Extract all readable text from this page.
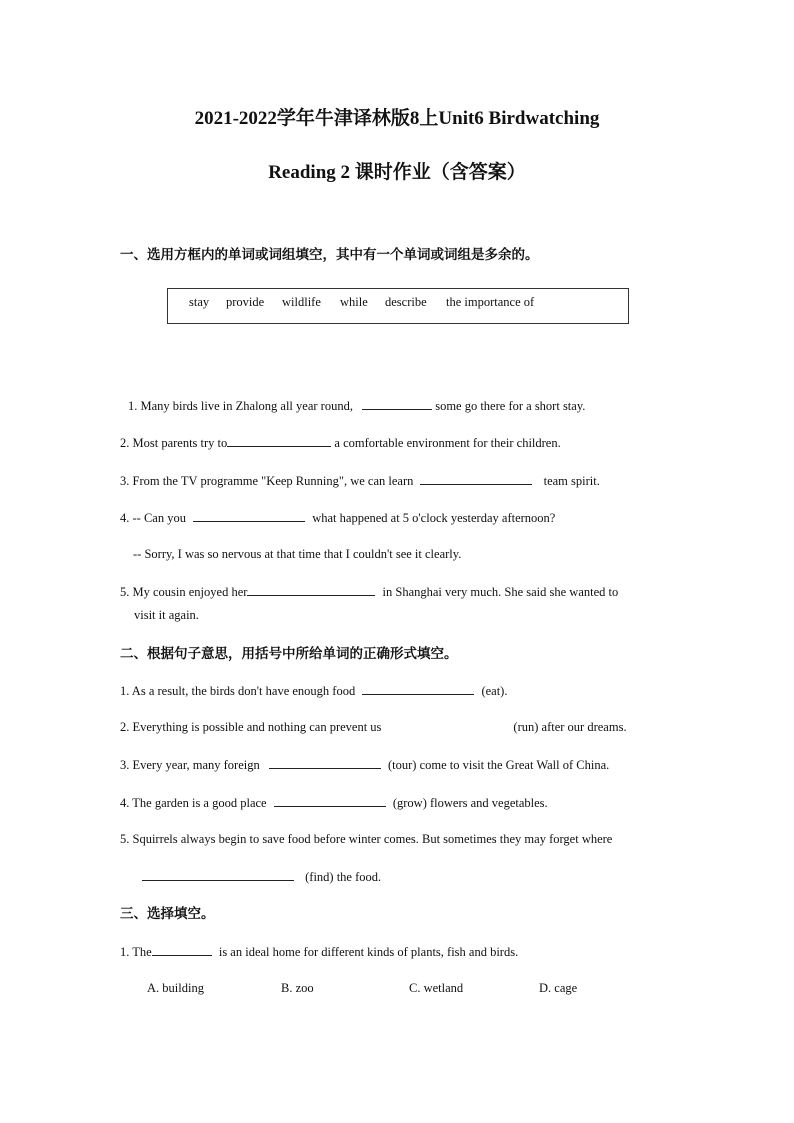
2021-2022学年牛津译林版8上Unit6 Birdwatching
Reading 2 课时作业（含答案）

一、选用方框内的单词或词组填空，其中有一个单词或词组是多余的。

stay provide wildlife while describe the importance of
1. Many birds live in Zhalong all year round,	some go there for a short stay.
2. Most parents try to	a comfortable environment for their children.
3. From the TV programme "Keep Running", we can learn	team spirit.
4. -- Can you	what happened at 5 o'clock yesterday afternoon?
-- Sorry, I was so nervous at that time that I couldn't see it clearly.
5. My cousin enjoyed her	in Shanghai very much. She said she wanted to
visit it again.

二、根据句子意思，用括号中所给单词的正确形式填空。

1. As a result, the birds don't have enough food	(eat).
2. Everything is possible and nothing can prevent us	(run) after our dreams.
3. Every year, many foreign	(tour) come to visit the Great Wall of China.
4. The garden is a good place	(grow) flowers and vegetables.
5. Squirrels always begin to save food before winter comes. But sometimes they may forget where
(find) the food.

三、选择填空。

1. The	is an ideal home for different kinds of plants, fish and birds.
A. building	B. zoo	C. wetland	D. cage
